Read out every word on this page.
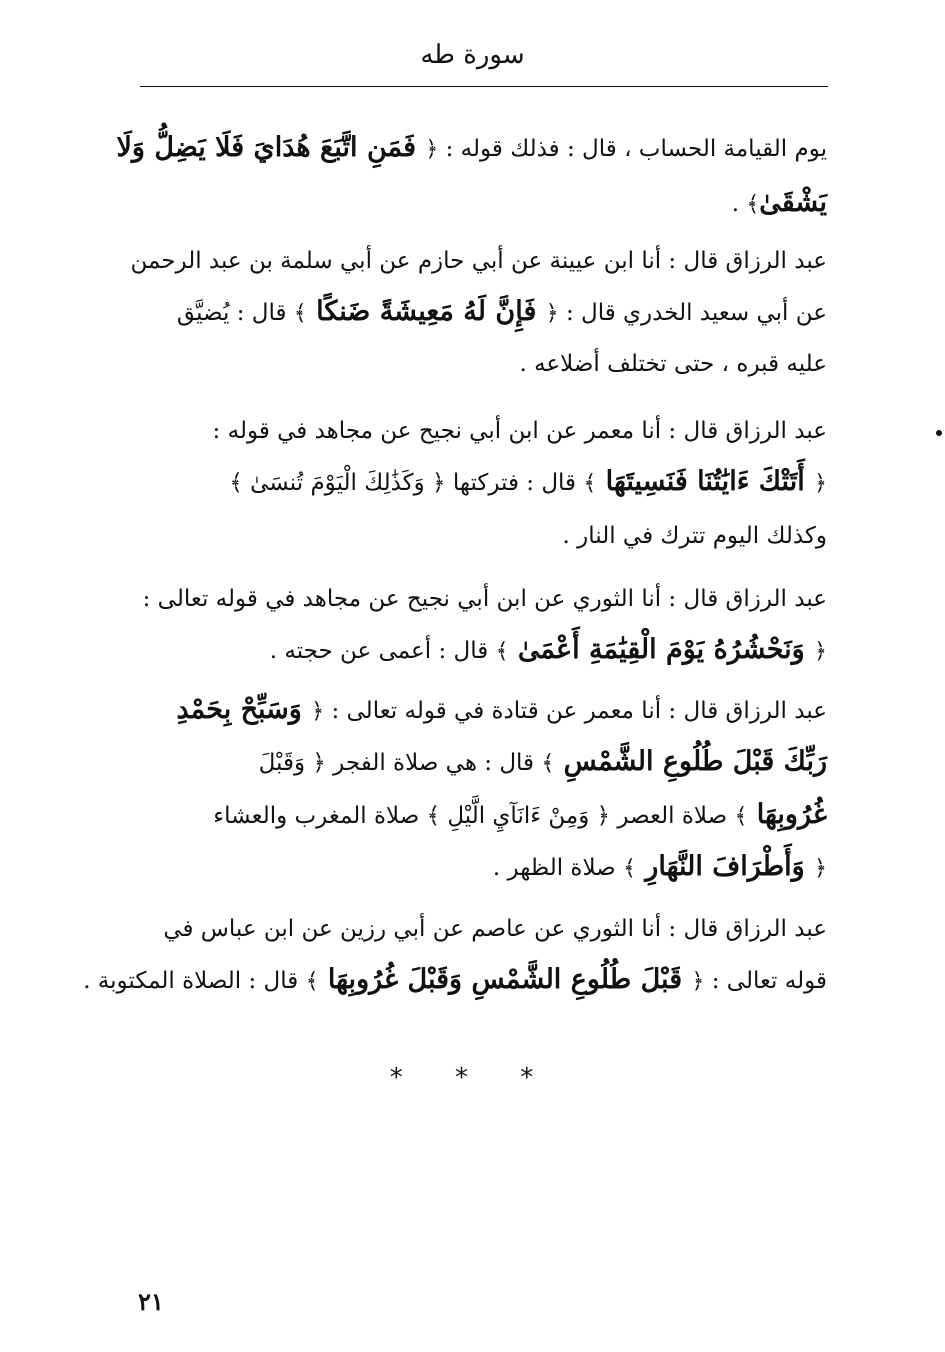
سورة طه
يوم القيامة الحساب ، قال : فذلك قوله : ﴿ فَمَنِ اتَّبَعَ هُدَايَ فَلَا يَضِلُّ وَلَا
يَشْقَىٰ﴾ .
عبد الرزاق قال : أنا ابن عيينة عن أبي حازم عن أبي سلمة بن عبد الرحمن
عن أبي سعيد الخدري قال : ﴿ فَإِنَّ لَهُ مَعِيشَةً ضَنكًا ﴾ قال : يُضيَّق
عليه قبره ، حتى تختلف أضلاعه .
عبد الرزاق قال : أنا معمر عن ابن أبي نجيح عن مجاهد في قوله :
﴿ أَتَتْكَ ءَايَٰتُنَا فَنَسِيتَهَا ﴾ قال : فتركتها ﴿ وَكَذَٰلِكَ الْيَوْمَ تُنسَىٰ ﴾
وكذلك اليوم تترك في النار .
عبد الرزاق قال : أنا الثوري عن ابن أبي نجيح عن مجاهد في قوله تعالى :
﴿ وَنَحْشُرُهُ يَوْمَ الْقِيَٰمَةِ أَعْمَىٰ ﴾ قال : أعمى عن حجته .
عبد الرزاق قال : أنا معمر عن قتادة في قوله تعالى : ﴿ وَسَبِّحْ بِحَمْدِ
رَبِّكَ قَبْلَ طُلُوعِ الشَّمْسِ ﴾ قال : هي صلاة الفجر ﴿ وَقَبْلَ
غُرُوبِهَا ﴾ صلاة العصر ﴿ وَمِنْ ءَانَآيِ الَّيْلِ ﴾ صلاة المغرب والعشاء
﴿ وَأَطْرَافَ النَّهَارِ ﴾ صلاة الظهر .
عبد الرزاق قال : أنا الثوري عن عاصم عن أبي رزين عن ابن عباس في
قوله تعالى : ﴿ قَبْلَ طُلُوعِ الشَّمْسِ وَقَبْلَ غُرُوبِهَا ﴾ قال : الصلاة المكتوبة .
* * *
٢١
